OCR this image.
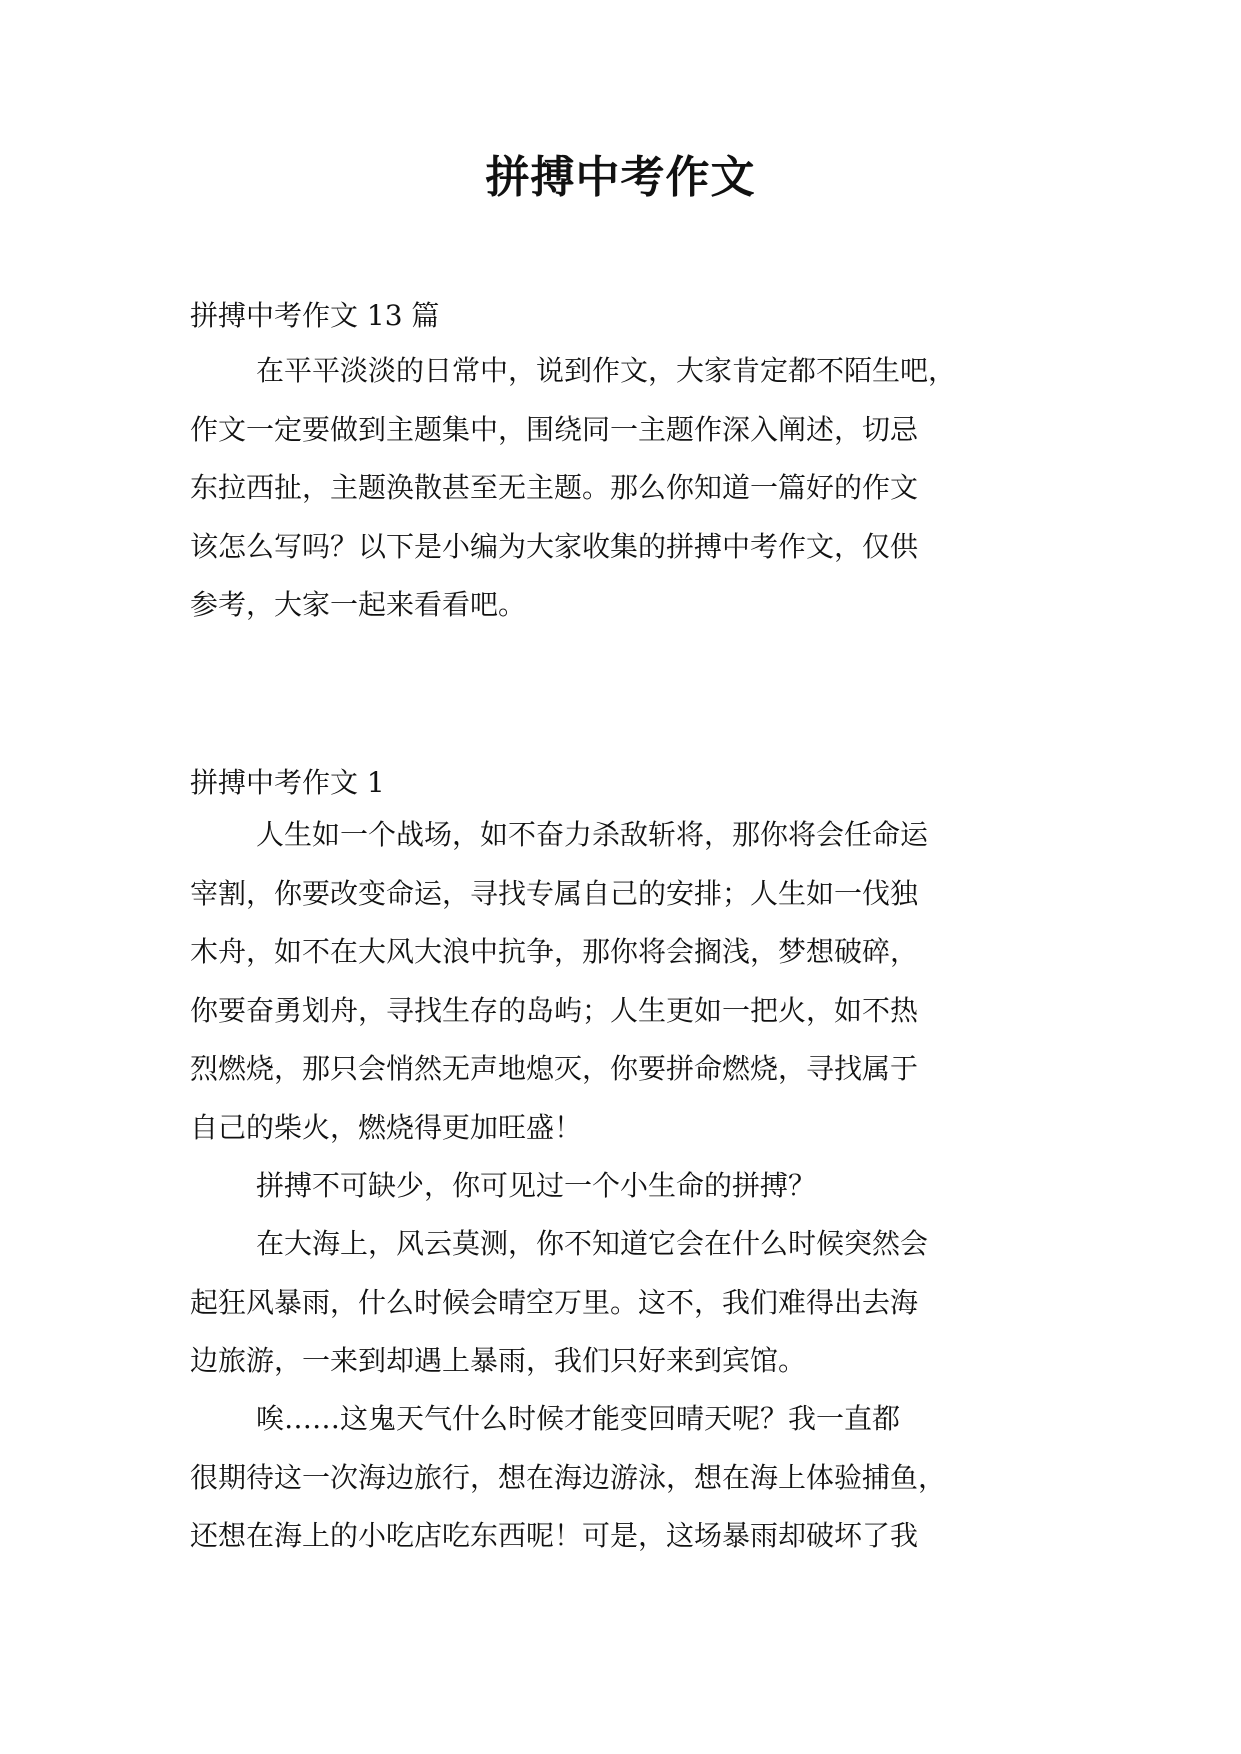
拼搏中考作文
拼搏中考作文 13 篇

在平平淡淡的日常中，说到作文，大家肯定都不陌生吧，
作文一定要做到主题集中，围绕同一主题作深入阐述，切忌
东拉西扯，主题涣散甚至无主题。那么你知道一篇好的作文
该怎么写吗？以下是小编为大家收集的拼搏中考作文，仅供
参考，大家一起来看看吧。

拼搏中考作文 1

人生如一个战场，如不奋力杀敌斩将，那你将会任命运
宰割，你要改变命运，寻找专属自己的安排；人生如一伐独
木舟，如不在大风大浪中抗争，那你将会搁浅，梦想破碎，
你要奋勇划舟，寻找生存的岛屿；人生更如一把火，如不热
烈燃烧，那只会悄然无声地熄灭，你要拼命燃烧，寻找属于
自己的柴火，燃烧得更加旺盛！

拼搏不可缺少，你可见过一个小生命的拼搏？

在大海上，风云莫测，你不知道它会在什么时候突然会
起狂风暴雨，什么时候会晴空万里。这不，我们难得出去海
边旅游，一来到却遇上暴雨，我们只好来到宾馆。

唉……这鬼天气什么时候才能变回晴天呢？我一直都
很期待这一次海边旅行，想在海边游泳，想在海上体验捕鱼，
还想在海上的小吃店吃东西呢！可是，这场暴雨却破坏了我
